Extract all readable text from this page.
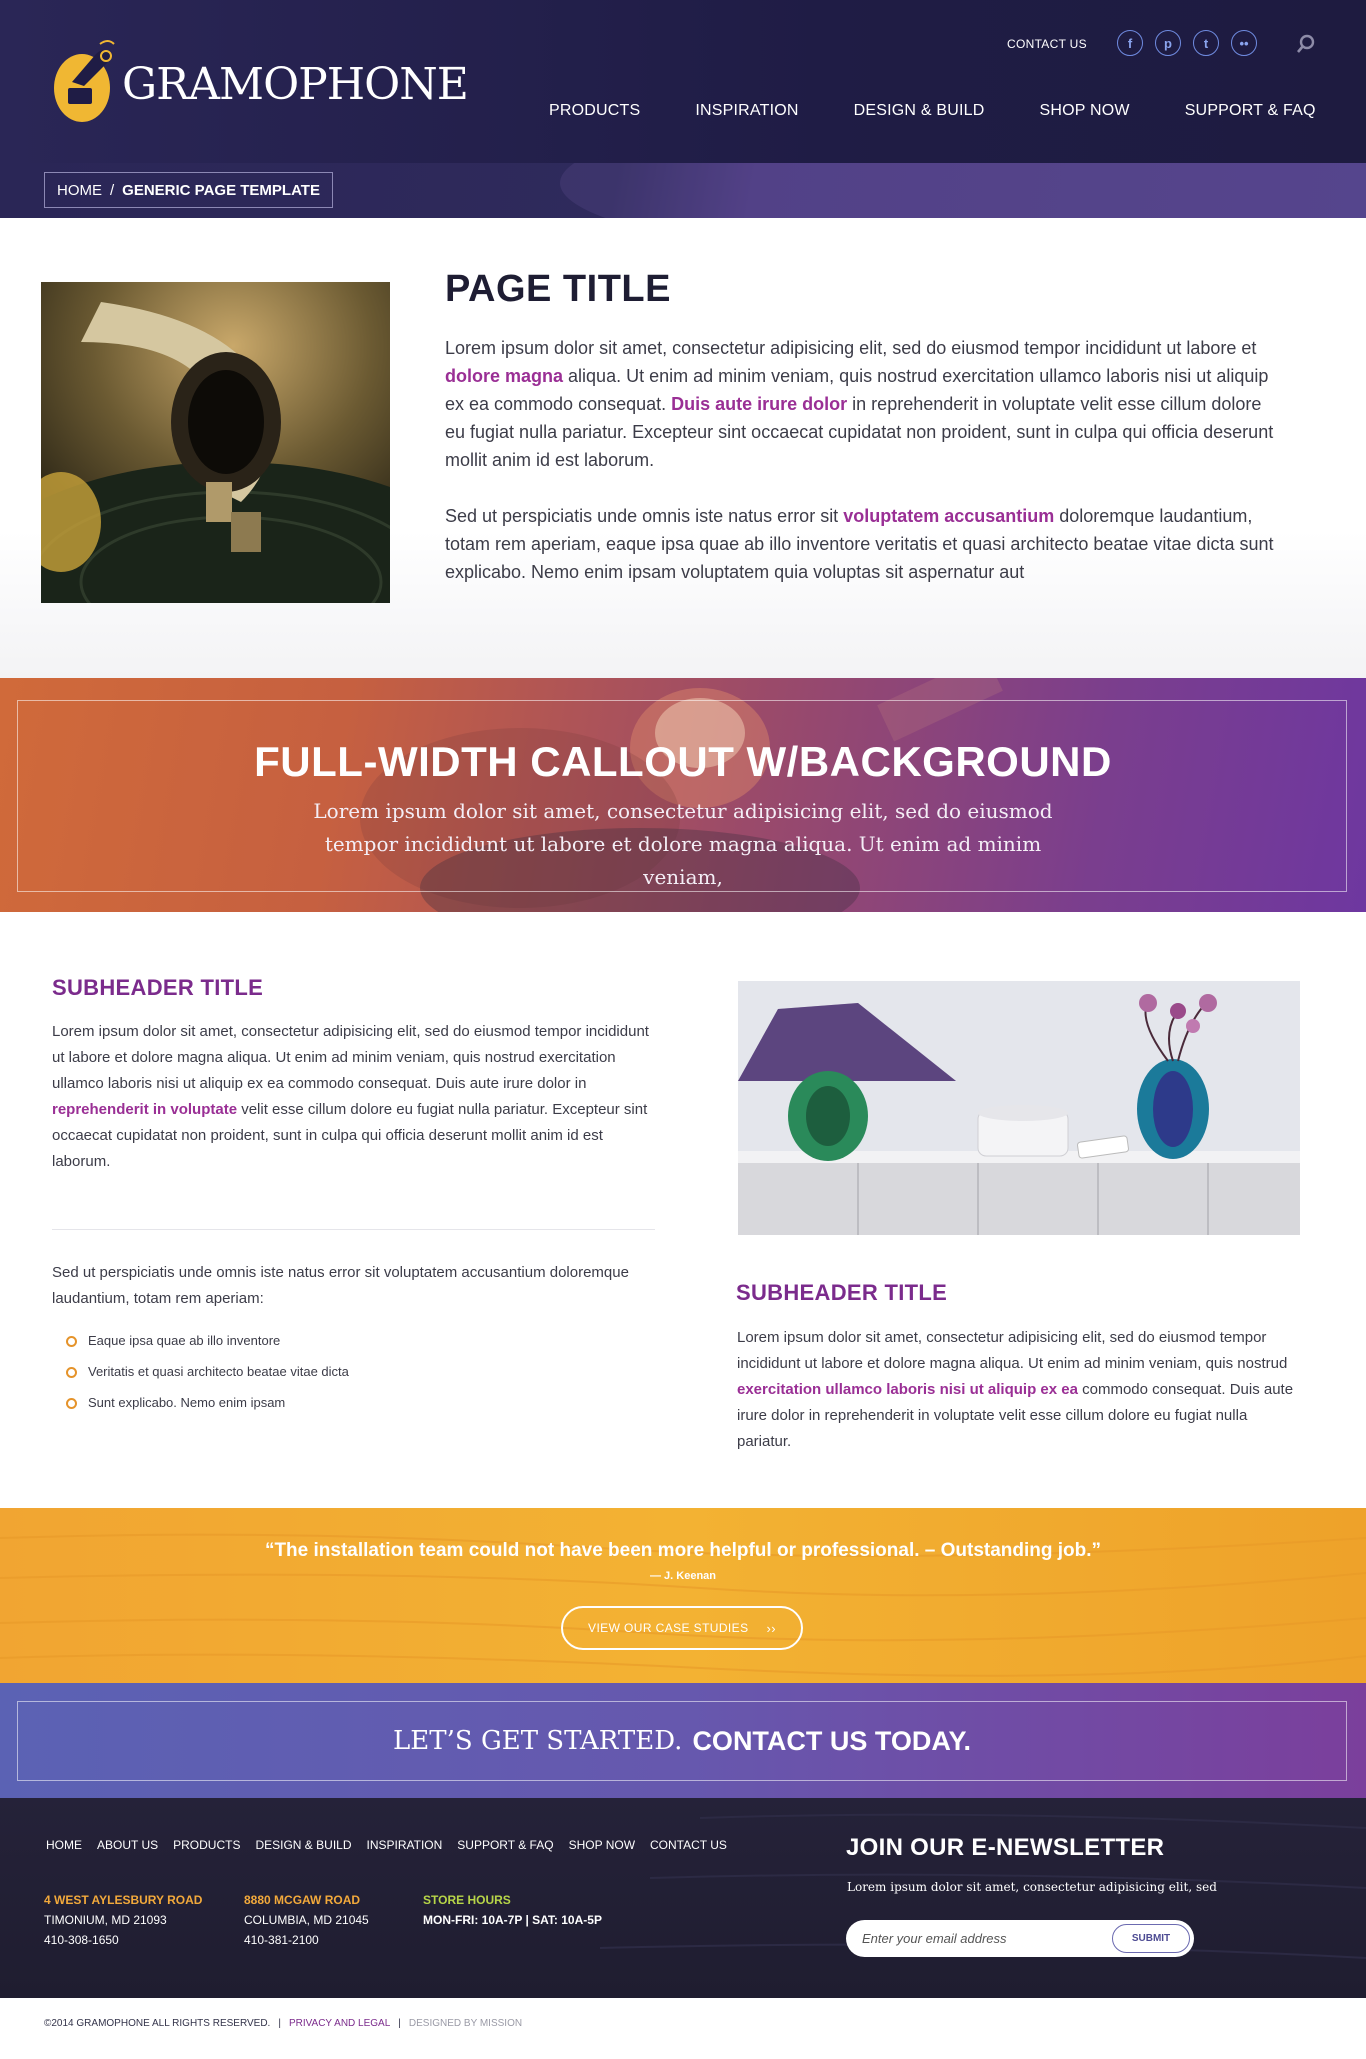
GRAMOPHONE
CONTACT US	f	p	t	••
PRODUCTS	INSPIRATION	DESIGN & BUILD	SHOP NOW	SUPPORT & FAQ
HOME / GENERIC PAGE TEMPLATE
PAGE TITLE

Lorem ipsum dolor sit amet, consectetur adipisicing elit, sed do eiusmod tempor incididunt ut labore et dolore magna aliqua. Ut enim ad minim veniam, quis nostrud exercitation ullamco laboris nisi ut aliquip ex ea commodo consequat. Duis aute irure dolor in reprehenderit in voluptate velit esse cillum dolore eu fugiat nulla pariatur. Excepteur sint occaecat cupidatat non proident, sunt in culpa qui officia deserunt mollit anim id est laborum.

Sed ut perspiciatis unde omnis iste natus error sit voluptatem accusantium doloremque laudantium, totam rem aperiam, eaque ipsa quae ab illo inventore veritatis et quasi architecto beatae vitae dicta sunt explicabo. Nemo enim ipsam voluptatem quia voluptas sit aspernatur aut

FULL-WIDTH CALLOUT W/BACKGROUND
Lorem ipsum dolor sit amet, consectetur adipisicing elit, sed do eiusmod tempor incididunt ut labore et dolore magna aliqua. Ut enim ad minim veniam,
SUBHEADER TITLE

Lorem ipsum dolor sit amet, consectetur adipisicing elit, sed do eiusmod tempor incididunt ut labore et dolore magna aliqua. Ut enim ad minim veniam, quis nostrud exercitation ullamco laboris nisi ut aliquip ex ea commodo consequat. Duis aute irure dolor in reprehenderit in voluptate velit esse cillum dolore eu fugiat nulla pariatur. Excepteur sint occaecat cupidatat non proident, sunt in culpa qui officia deserunt mollit anim id est laborum.

Sed ut perspiciatis unde omnis iste natus error sit voluptatem accusantium doloremque laudantium, totam rem aperiam:

Eaque ipsa quae ab illo inventore
Veritatis et quasi architecto beatae vitae dicta
Sunt explicabo. Nemo enim ipsam
SUBHEADER TITLE

Lorem ipsum dolor sit amet, consectetur adipisicing elit, sed do eiusmod tempor incididunt ut labore et dolore magna aliqua. Ut enim ad minim veniam, quis nostrud exercitation ullamco laboris nisi ut aliquip ex ea commodo consequat. Duis aute irure dolor in reprehenderit in voluptate velit esse cillum dolore eu fugiat nulla pariatur.

“The installation team could not have been more helpful or professional. – Outstanding job.”
— J. Keenan
VIEW OUR CASE STUDIES ››
LET’S GET STARTED. CONTACT US TODAY.
HOME ABOUT US PRODUCTS DESIGN & BUILD INSPIRATION SUPPORT & FAQ SHOP NOW CONTACT US
4 WEST AYLESBURY ROAD
TIMONIUM, MD 21093
410-308-1650
8880 MCGAW ROAD
COLUMBIA, MD 21045
410-381-2100
STORE HOURS
MON-FRI: 10A-7P | SAT: 10A-5P
JOIN OUR E-NEWSLETTER
Lorem ipsum dolor sit amet, consectetur adipisicing elit, sed
Enter your email address
SUBMIT
©2014 GRAMOPHONE ALL RIGHTS RESERVED. | PRIVACY AND LEGAL | DESIGNED BY MISSION
